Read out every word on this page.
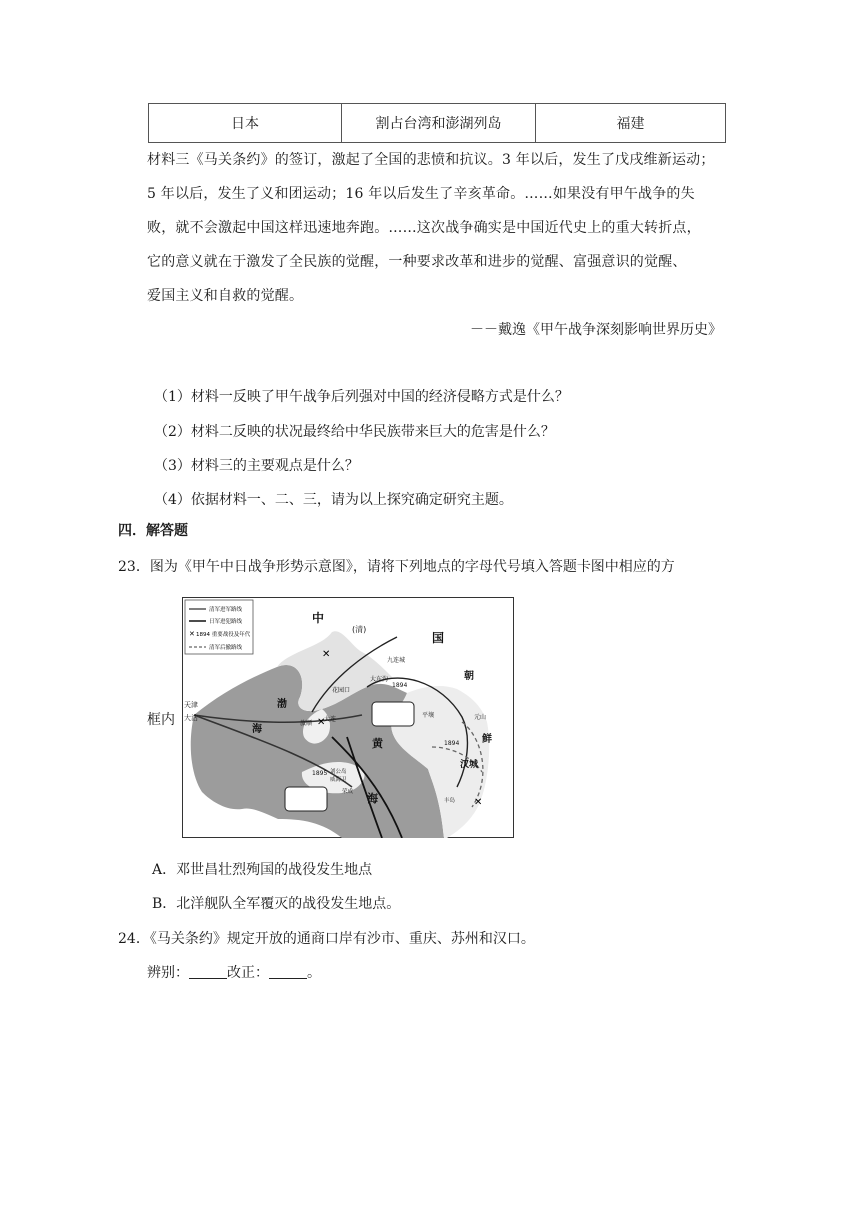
日本	割占台湾和澎湖列岛	福建
材料三《马关条约》的签订，激起了全国的悲愤和抗议。3 年以后，发生了戊戌维新运动；
5 年以后，发生了义和团运动；16 年以后发生了辛亥革命。……如果没有甲午战争的失
败，就不会激起中国这样迅速地奔跑。……这次战争确实是中国近代史上的重大转折点，
它的意义就在于激发了全民族的觉醒，一种要求改革和进步的觉醒、富强意识的觉醒、
爱国主义和自救的觉醒。
－－戴逸《甲午战争深刻影响世界历史》
（1）材料一反映了甲午战争后列强对中国的经济侵略方式是什么？
（2）材料二反映的状况最终给中华民族带来巨大的危害是什么？
（3）材料三的主要观点是什么？
（4）依据材料一、二、三，请为以上探究确定研究主题。
四．解答题
23．图为《甲午中日战争形势示意图》，请将下列地点的字母代号填入答题卡图中相应的方
框内
✕
✕
✕
✕
清军进军路线
日军进犯路线
1894 重要战役及年代
清军后撤路线
中
(清)
国
朝
鲜
渤
海
黄
海
天津
大沽
旅顺
大连
花园口
九连城
大东沟
平壤	元山
汉城
威海卫
刘公岛
荣成
丰岛
1894
1894
1895
A．邓世昌壮烈殉国的战役发生地点
B．北洋舰队全军覆灭的战役发生地点。
24．《马关条约》规定开放的通商口岸有沙市、重庆、苏州和汉口。
辨别：	改正：	。
